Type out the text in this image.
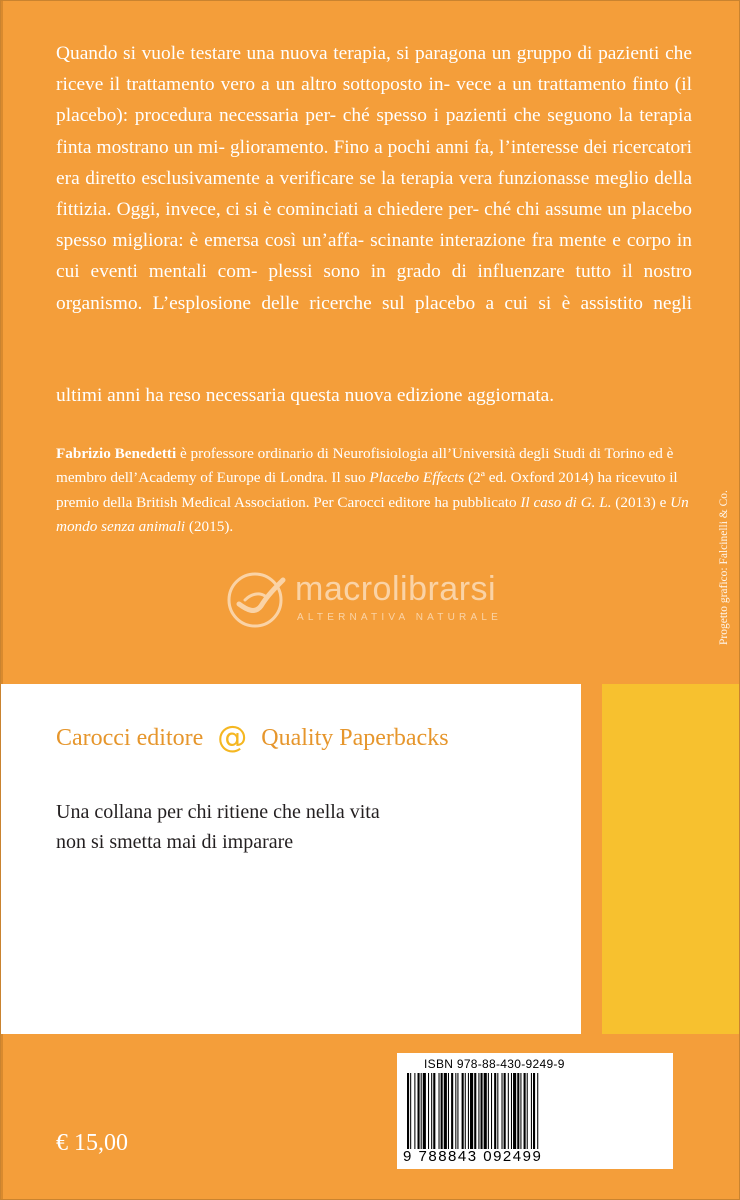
Quando si vuole testare una nuova terapia, si paragona un gruppo di pazienti che riceve il trattamento vero a un altro sottoposto in- vece a un trattamento finto (il placebo): procedura necessaria per- ché spesso i pazienti che seguono la terapia finta mostrano un mi- glioramento. Fino a pochi anni fa, l’interesse dei ricercatori era diretto esclusivamente a verificare se la terapia vera funzionasse meglio della fittizia. Oggi, invece, ci si è cominciati a chiedere per- ché chi assume un placebo spesso migliora: è emersa così un’affa- scinante interazione fra mente e corpo in cui eventi mentali com- plessi sono in grado di influenzare tutto il nostro organismo. L’esplosione delle ricerche sul placebo a cui si è assistito negli

ultimi anni ha reso necessaria questa nuova edizione aggiornata.

Fabrizio Benedetti è professore ordinario di Neurofisiologia all’Università degli Studi di Torino ed è membro dell’Academy of Europe di Londra. Il suo Placebo Effects (2ª ed. Oxford 2014) ha ricevuto il premio della British Medical Association. Per Carocci editore ha pubblicato Il caso di G. L. (2013) e Un mondo senza animali (2015).

macrolibrarsi
ALTERNATIVA NATURALE	Progetto grafico: Falcinelli & Co.
Carocci editore @ Quality Paperbacks

Una collana per chi ritiene che nella vita
non si smetta mai di imparare

€ 15,00
ISBN 978-88-430-9249-9
9 788843 092499
